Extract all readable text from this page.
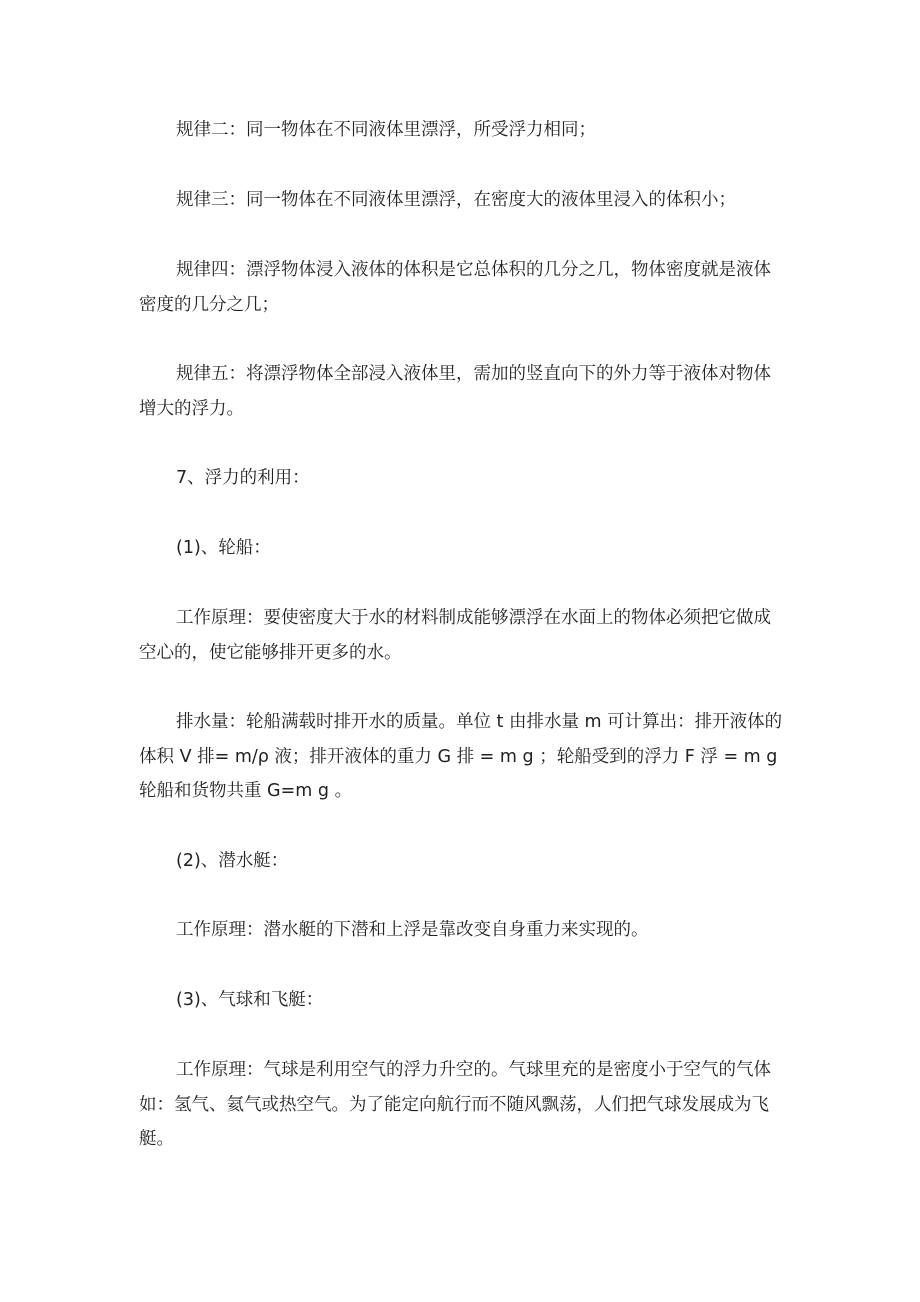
规律二：同一物体在不同液体里漂浮，所受浮力相同；

规律三：同一物体在不同液体里漂浮，在密度大的液体里浸入的体积小；

规律四：漂浮物体浸入液体的体积是它总体积的几分之几，物体密度就是液体密度的几分之几；

规律五：将漂浮物体全部浸入液体里，需加的竖直向下的外力等于液体对物体增大的浮力。

7、浮力的利用：

(1)、轮船：

工作原理：要使密度大于水的材料制成能够漂浮在水面上的物体必须把它做成空心的，使它能够排开更多的水。

排水量：轮船满载时排开水的质量。单位 t 由排水量 m 可计算出：排开液体的体积 V 排= m/ρ 液；排开液体的重力 G 排 = m g ；轮船受到的浮力 F 浮 = m g 轮船和货物共重 G=m g 。

(2)、潜水艇：

工作原理：潜水艇的下潜和上浮是靠改变自身重力来实现的。

(3)、气球和飞艇：

工作原理：气球是利用空气的浮力升空的。气球里充的是密度小于空气的气体如：氢气、氦气或热空气。为了能定向航行而不随风飘荡，人们把气球发展成为飞艇。
